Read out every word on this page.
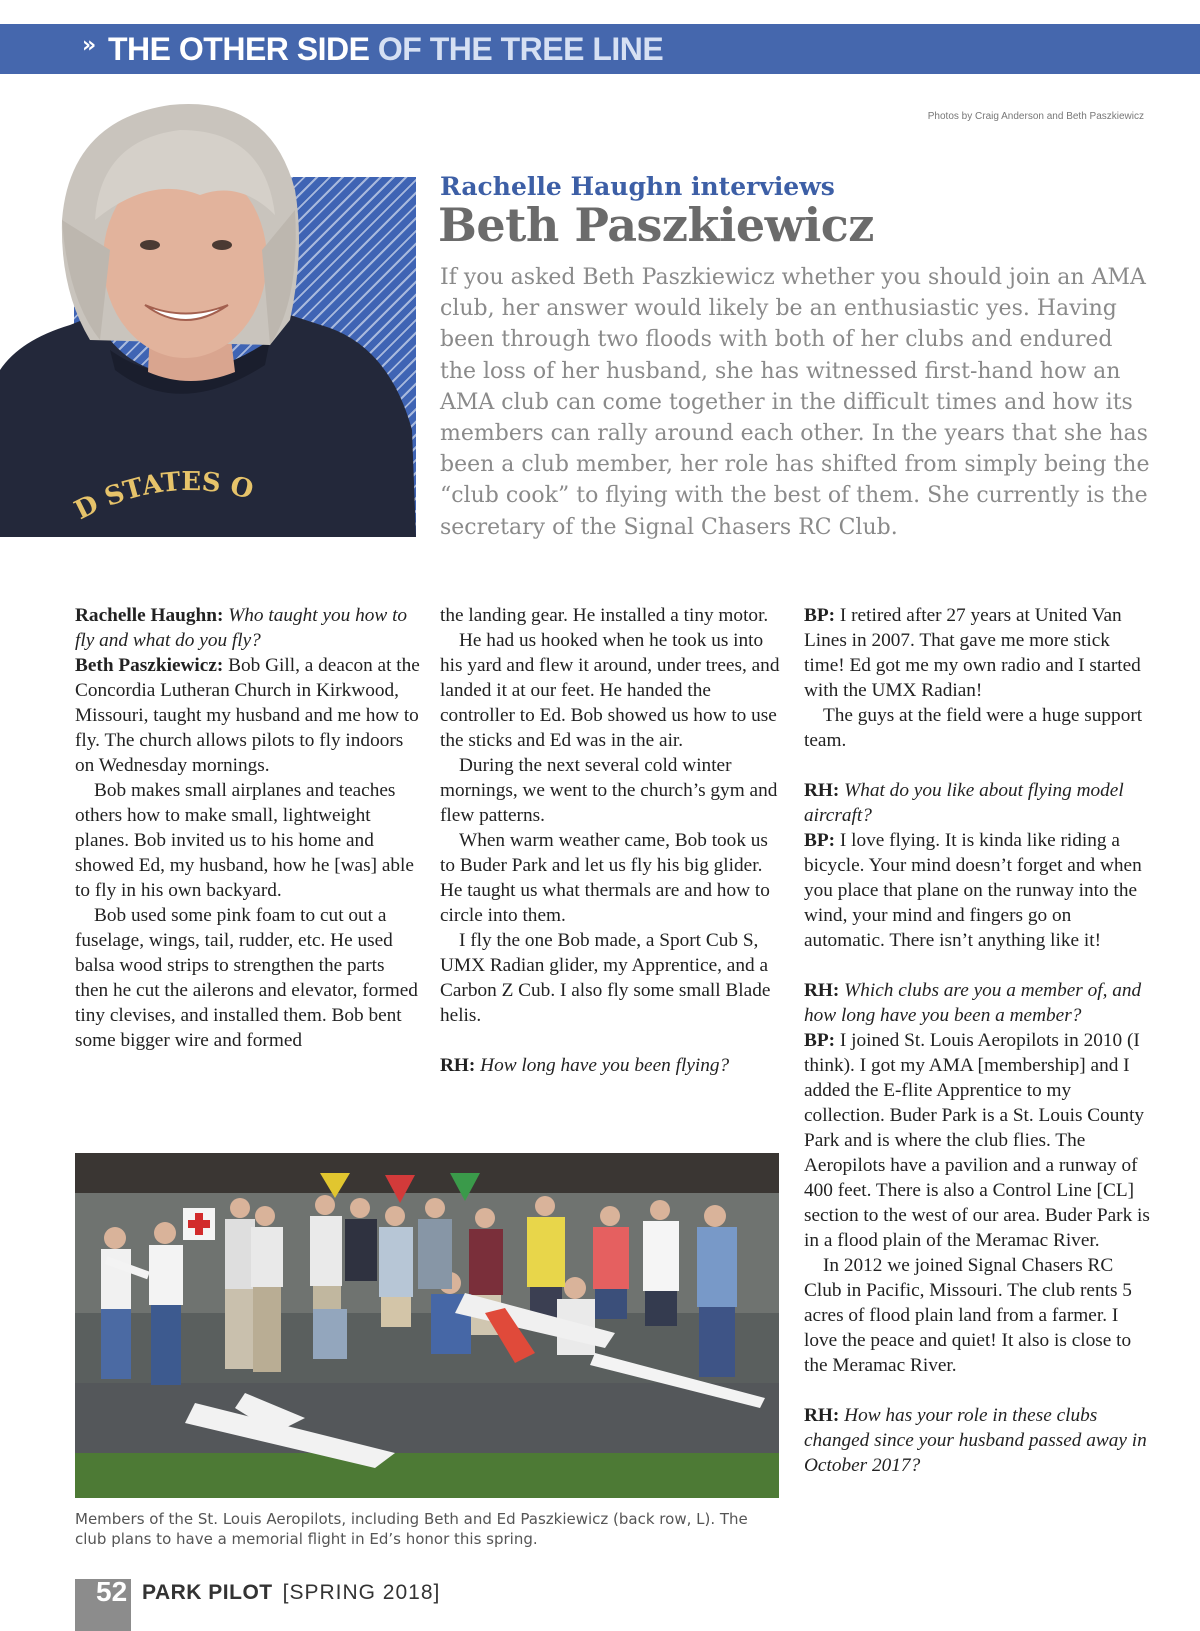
» THE OTHER SIDE OF THE TREE LINE
Photos by Craig Anderson and Beth Paszkiewicz
D STATES O
Rachelle Haughn interviews
Beth Paszkiewicz
If you asked Beth Paszkiewicz whether you should join an AMA club, her answer would likely be an enthusiastic yes. Having been through two floods with both of her clubs and endured the loss of her husband, she has witnessed first-hand how an AMA club can come together in the difficult times and how its members can rally around each other. In the years that she has been a club member, her role has shifted from simply being the “club cook” to flying with the best of them. She currently is the secretary of the Signal Chasers RC Club.

Rachelle Haughn: Who taught you how to fly and what do you fly?

Beth Paszkiewicz: Bob Gill, a deacon at the Concordia Lutheran Church in Kirkwood, Missouri, taught my husband and me how to fly. The church allows pilots to fly indoors on Wednesday mornings.

Bob makes small airplanes and teaches others how to make small, lightweight planes. Bob invited us to his home and showed Ed, my husband, how he [was] able to fly in his own backyard.

Bob used some pink foam to cut out a fuselage, wings, tail, rudder, etc. He used balsa wood strips to strengthen the parts then he cut the ailerons and elevator, formed tiny clevises, and installed them. Bob bent some bigger wire and formed

the landing gear. He installed a tiny motor.

He had us hooked when he took us into his yard and flew it around, under trees, and landed it at our feet. He handed the controller to Ed. Bob showed us how to use the sticks and Ed was in the air.

During the next several cold winter mornings, we went to the church’s gym and flew patterns.

When warm weather came, Bob took us to Buder Park and let us fly his big glider. He taught us what thermals are and how to circle into them.

I fly the one Bob made, a Sport Cub S, UMX Radian glider, my Apprentice, and a Carbon Z Cub. I also fly some small Blade helis.

RH: How long have you been flying?

BP: I retired after 27 years at United Van Lines in 2007. That gave me more stick time! Ed got me my own radio and I started with the UMX Radian!

The guys at the field were a huge support team.

RH: What do you like about flying model aircraft?

BP: I love flying. It is kinda like riding a bicycle. Your mind doesn’t forget and when you place that plane on the runway into the wind, your mind and fingers go on automatic. There isn’t anything like it!

RH: Which clubs are you a member of, and how long have you been a member?

BP: I joined St. Louis Aeropilots in 2010 (I think). I got my AMA [membership] and I added the E-flite Apprentice to my collection. Buder Park is a St. Louis County Park and is where the club flies. The Aeropilots have a pavilion and a runway of 400 feet. There is also a Control Line [CL] section to the west of our area. Buder Park is in a flood plain of the Meramac River.

In 2012 we joined Signal Chasers RC Club in Pacific, Missouri. The club rents 5 acres of flood plain land from a farmer. I love the peace and quiet! It also is close to the Meramac River.

RH: How has your role in these clubs changed since your husband passed away in October 2017?

Members of the St. Louis Aeropilots, including Beth and Ed Paszkiewicz (back row, L). The club plans to have a memorial flight in Ed’s honor this spring.
52 PARK PILOT [SPRING 2018]
